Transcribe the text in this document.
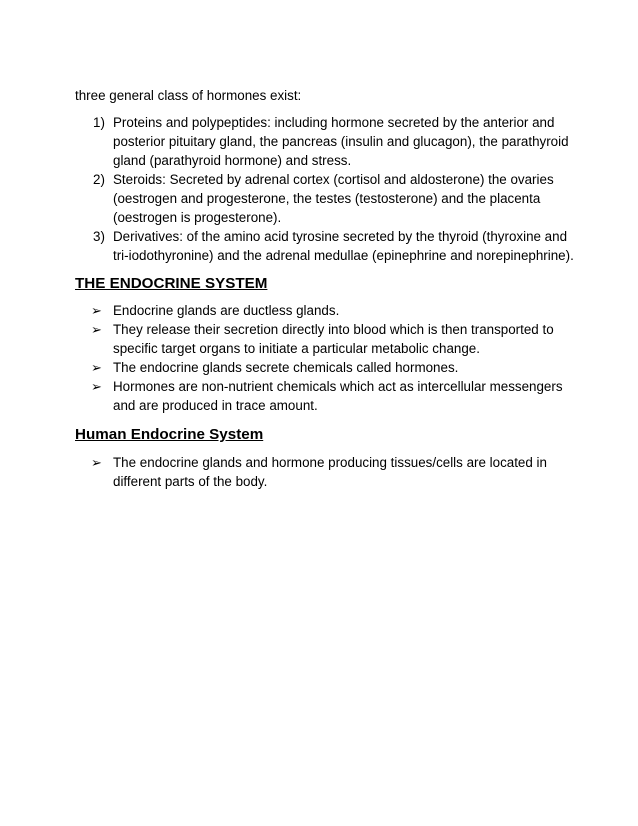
three general class of hormones exist:

1) Proteins and polypeptides: including hormone secreted by the anterior and posterior pituitary gland, the pancreas (insulin and glucagon), the parathyroid gland (parathyroid hormone) and stress.
2) Steroids: Secreted by adrenal cortex (cortisol and aldosterone) the ovaries (oestrogen and progesterone, the testes (testosterone) and the placenta (oestrogen is progesterone).
3) Derivatives: of the amino acid tyrosine secreted by the thyroid (thyroxine and tri-iodothyronine) and the adrenal medullae (epinephrine and norepinephrine).
THE ENDOCRINE SYSTEM
➢ Endocrine glands are ductless glands.
➢ They release their secretion directly into blood which is then transported to specific target organs to initiate a particular metabolic change.
➢ The endocrine glands secrete chemicals called hormones.
➢ Hormones are non-nutrient chemicals which act as intercellular messengers and are produced in trace amount.
Human Endocrine System
➢ The endocrine glands and hormone producing tissues/cells are located in different parts of the body.
